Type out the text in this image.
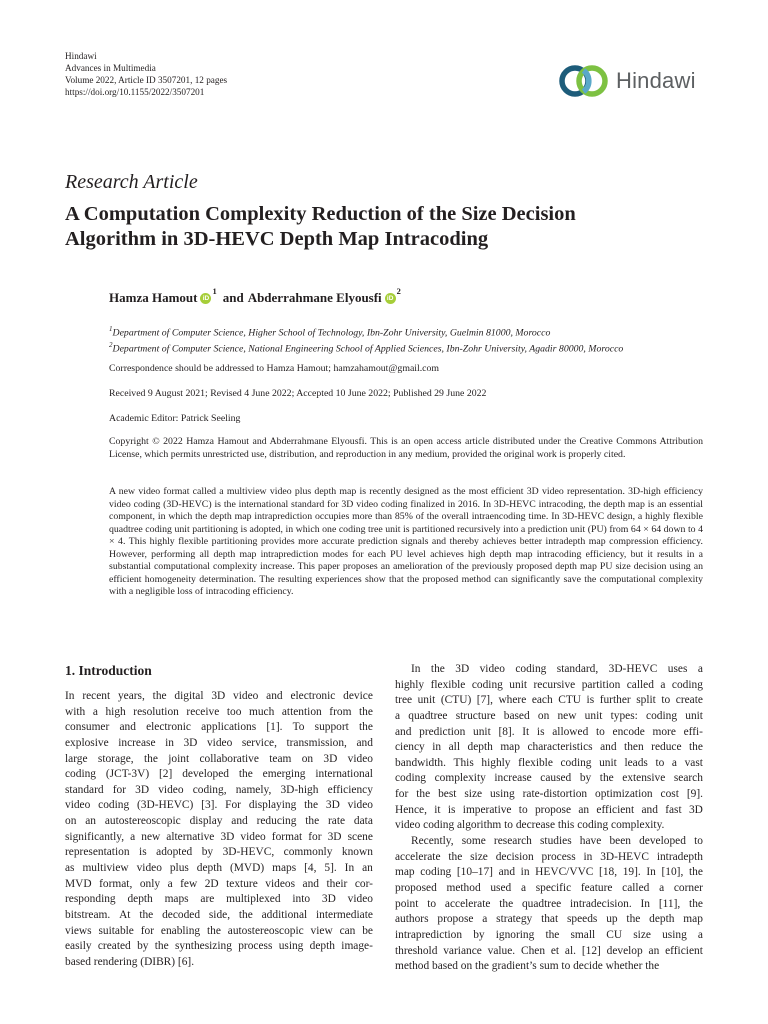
Hindawi
Advances in Multimedia
Volume 2022, Article ID 3507201, 12 pages
https://doi.org/10.1155/2022/3507201	Hindawi
Research Article
A Computation Complexity Reduction of the Size Decision
Algorithm in 3D-HEVC Depth Map Intracoding
Hamza Hamout iD
1 and Abderrahmane Elyousfi iD
2
$^1$Department of Computer Science, Higher School of Technology, Ibn-Zohr University, Guelmin 81000, Morocco
$^2$Department of Computer Science, National Engineering School of Applied Sciences, Ibn-Zohr University, Agadir 80000, Morocco
Correspondence should be addressed to Hamza Hamout; hamzahamout@gmail.com
Received 9 August 2021; Revised 4 June 2022; Accepted 10 June 2022; Published 29 June 2022
Academic Editor: Patrick Seeling
Copyright © 2022 Hamza Hamout and Abderrahmane Elyousfi. This is an open access article distributed under the Creative Commons Attribution License, which permits unrestricted use, distribution, and reproduction in any medium, provided the original work is properly cited.
A new video format called a multiview video plus depth map is recently designed as the most efficient 3D video representation. 3D-high efficiency video coding (3D-HEVC) is the international standard for 3D video coding finalized in 2016. In 3D-HEVC intracoding, the depth map is an essential component, in which the depth map intraprediction occupies more than 85% of the overall intraencoding time. In 3D-HEVC design, a highly flexible quadtree coding unit partitioning is adopted, in which one coding tree unit is partitioned recursively into a prediction unit (PU) from 64 × 64 down to 4 × 4. This highly flexible partitioning provides more accurate prediction signals and thereby achieves better intradepth map compression efficiency. However, performing all depth map intraprediction modes for each PU level achieves high depth map intracoding efficiency, but it results in a substantial computational complexity increase. This paper proposes an amelioration of the previously proposed depth map PU size decision using an efficient homogeneity determination. The resulting experiences show that the proposed method can significantly save the computational complexity with a negligible loss of intracoding efficiency.
1. Introduction
In recent years, the digital 3D video and electronic device
with a high resolution receive too much attention from the
consumer and electronic applications [1]. To support the
explosive increase in 3D video service, transmission, and
large storage, the joint collaborative team on 3D video
coding (JCT-3V) [2] developed the emerging international
standard for 3D video coding, namely, 3D-high efficiency
video coding (3D-HEVC) [3]. For displaying the 3D video
on an autostereoscopic display and reducing the rate data
significantly, a new alternative 3D video format for 3D scene
representation is adopted by 3D-HEVC, commonly known
as multiview video plus depth (MVD) maps [4, 5]. In an
MVD format, only a few 2D texture videos and their cor-
responding depth maps are multiplexed into 3D video
bitstream. At the decoded side, the additional intermediate
views suitable for enabling the autostereoscopic view can be
easily created by the synthesizing process using depth image-
based rendering (DIBR) [6].
In the 3D video coding standard, 3D-HEVC uses a
highly flexible coding unit recursive partition called a coding
tree unit (CTU) [7], where each CTU is further split to create
a quadtree structure based on new unit types: coding unit
and prediction unit [8]. It is allowed to encode more effi-
ciency in all depth map characteristics and then reduce the
bandwidth. This highly flexible coding unit leads to a vast
coding complexity increase caused by the extensive search
for the best size using rate-distortion optimization cost [9].
Hence, it is imperative to propose an efficient and fast 3D
video coding algorithm to decrease this coding complexity.
Recently, some research studies have been developed to
accelerate the size decision process in 3D-HEVC intradepth
map coding [10–17] and in HEVC/VVC [18, 19]. In [10], the
proposed method used a specific feature called a corner
point to accelerate the quadtree intradecision. In [11], the
authors propose a strategy that speeds up the depth map
intraprediction by ignoring the small CU size using a
threshold variance value. Chen et al. [12] develop an efficient
method based on the gradient’s sum to decide whether the
